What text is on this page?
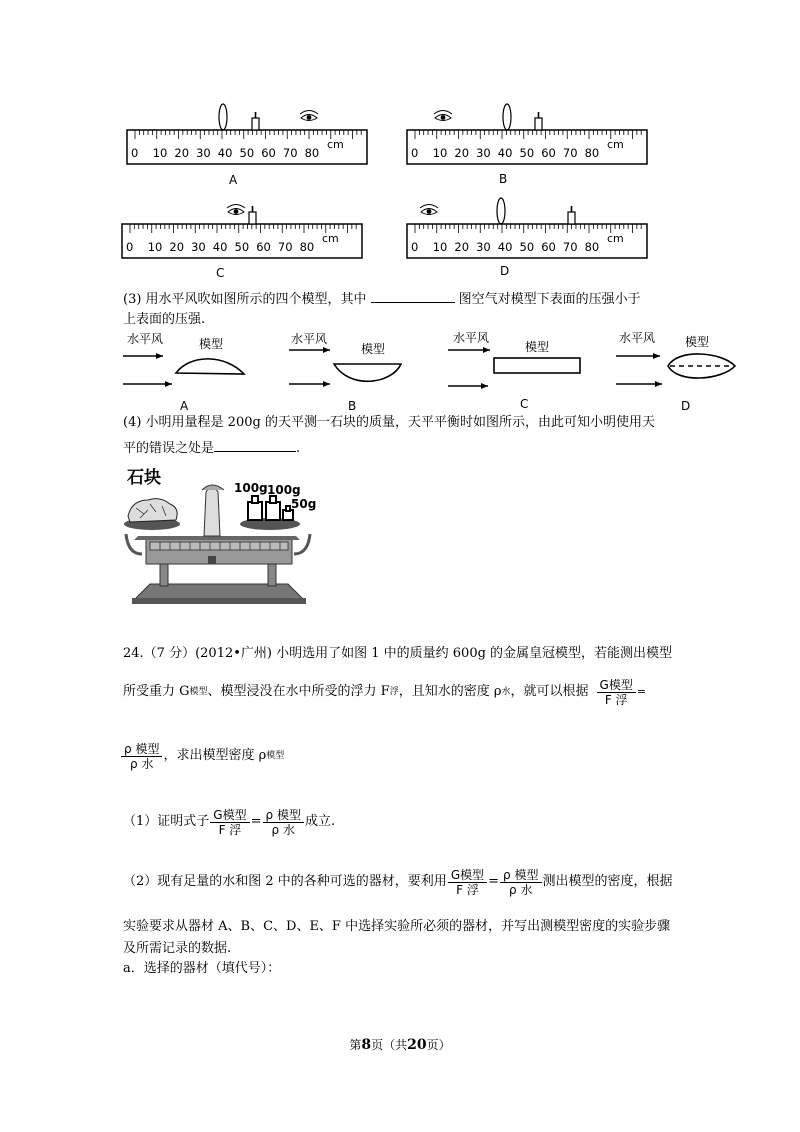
0 10 20 30 40 50 60 70 80
cm
0 10 20 30 40 50 60 70 80
cm
0 10 20 30 40 50 60 70 80
cm
0 10 20 30 40 50 60 70 80
cm
A	B
C	D
(3) 用水平风吹如图所示的四个模型，其中	图空气对模型下表面的压强小于
上表面的压强.
水平风	模型	水平风
模型
水平风
模型
水平风 模型
A	B	C	D
(4) 小明用量程是 200g 的天平测一石块的质量，天平平衡时如图所示，由此可知小明使用天
平的错误之处是	.
石块	100g 100g
50g
24.（7 分）(2012•广州) 小明选用了如图 1 中的质量约 600g 的金属皇冠模型，若能测出模型
所受重力 G 模型 、模型浸没在水中所受的浮力 F 浮 ，且知水的密度 ρ 水 ，就可以根据 $\frac{\text{G模型}}{\text{F 浮}}$ =
$\frac{\text{ρ 模型}}{\text{ρ 水}}$ ，求出模型密度 ρ 模型
（1）证明式子 $\frac{\text{G模型}}{\text{F 浮}} = \frac{\text{ρ 模型}}{\text{ρ 水}}$ 成立.
（2）现有足量的水和图 2 中的各种可选的器材，要利用 $\frac{\text{G模型}}{\text{F 浮}} = \frac{\text{ρ 模型}}{\text{ρ 水}}$ 测出模型的密度，根据
实验要求从器材 A、B、C、D、E、F 中选择实验所必须的器材，并写出测模型密度的实验步骤
及所需记录的数据.
a．选择的器材（填代号）：
第8页（共20页）
